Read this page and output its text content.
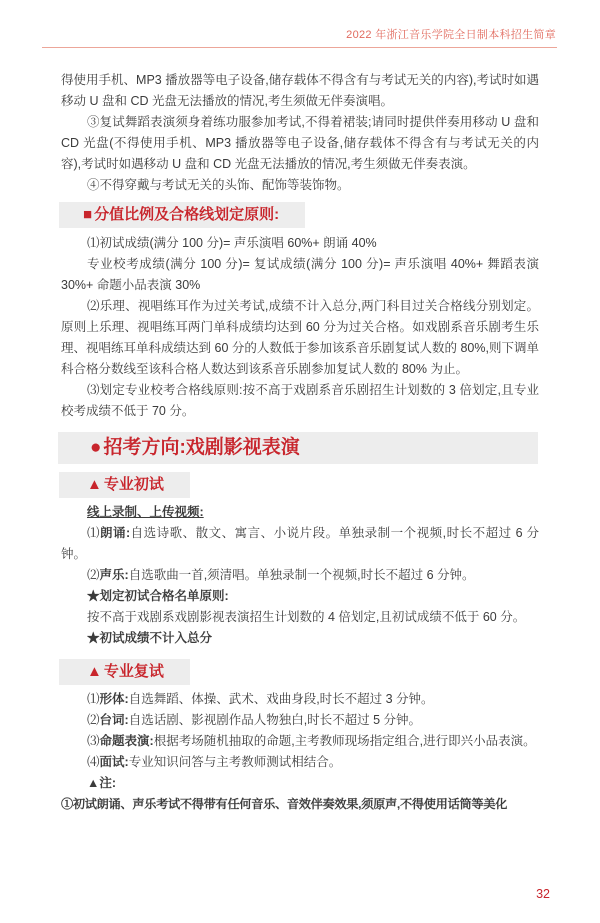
2022 年浙江音乐学院全日制本科招生简章

得使用手机、MP3 播放器等电子设备,储存载体不得含有与考试无关的内容),考试时如遇移动 U 盘和 CD 光盘无法播放的情况,考生须做无伴奏演唱。

③复试舞蹈表演须身着练功服参加考试,不得着裙装;请同时提供伴奏用移动 U 盘和 CD 光盘(不得使用手机、MP3 播放器等电子设备,储存载体不得含有与考试无关的内容),考试时如遇移动 U 盘和 CD 光盘无法播放的情况,考生须做无伴奏表演。

④不得穿戴与考试无关的头饰、配饰等装饰物。

■ 分值比例及合格线划定原则:

⑴初试成绩(满分 100 分)= 声乐演唱 60%+ 朗诵 40%

专业校考成绩(满分 100 分)= 复试成绩(满分 100 分)= 声乐演唱 40%+ 舞蹈表演 30%+ 命题小品表演 30%

⑵乐理、视唱练耳作为过关考试,成绩不计入总分,两门科目过关合格线分别划定。原则上乐理、视唱练耳两门单科成绩均达到 60 分为过关合格。如戏剧系音乐剧考生乐理、视唱练耳单科成绩达到 60 分的人数低于参加该系音乐剧复试人数的 80%,则下调单科合格分数线至该科合格人数达到该系音乐剧参加复试人数的 80% 为止。

⑶划定专业校考合格线原则:按不高于戏剧系音乐剧招生计划数的 3 倍划定,且专业校考成绩不低于 70 分。

● 招考方向:戏剧影视表演
▲ 专业初试

线上录制、上传视频:

⑴朗诵:自选诗歌、散文、寓言、小说片段。单独录制一个视频,时长不超过 6 分钟。

⑵声乐:自选歌曲一首,须清唱。单独录制一个视频,时长不超过 6 分钟。

★划定初试合格名单原则:

按不高于戏剧系戏剧影视表演招生计划数的 4 倍划定,且初试成绩不低于 60 分。

★初试成绩不计入总分

▲ 专业复试

⑴形体:自选舞蹈、体操、武术、戏曲身段,时长不超过 3 分钟。

⑵台词:自选话剧、影视剧作品人物独白,时长不超过 5 分钟。

⑶命题表演:根据考场随机抽取的命题,主考教师现场指定组合,进行即兴小品表演。

⑷面试:专业知识问答与主考教师测试相结合。

▲注:

①初试朗诵、声乐考试不得带有任何音乐、音效伴奏效果,须原声,不得使用话筒等美化

32
